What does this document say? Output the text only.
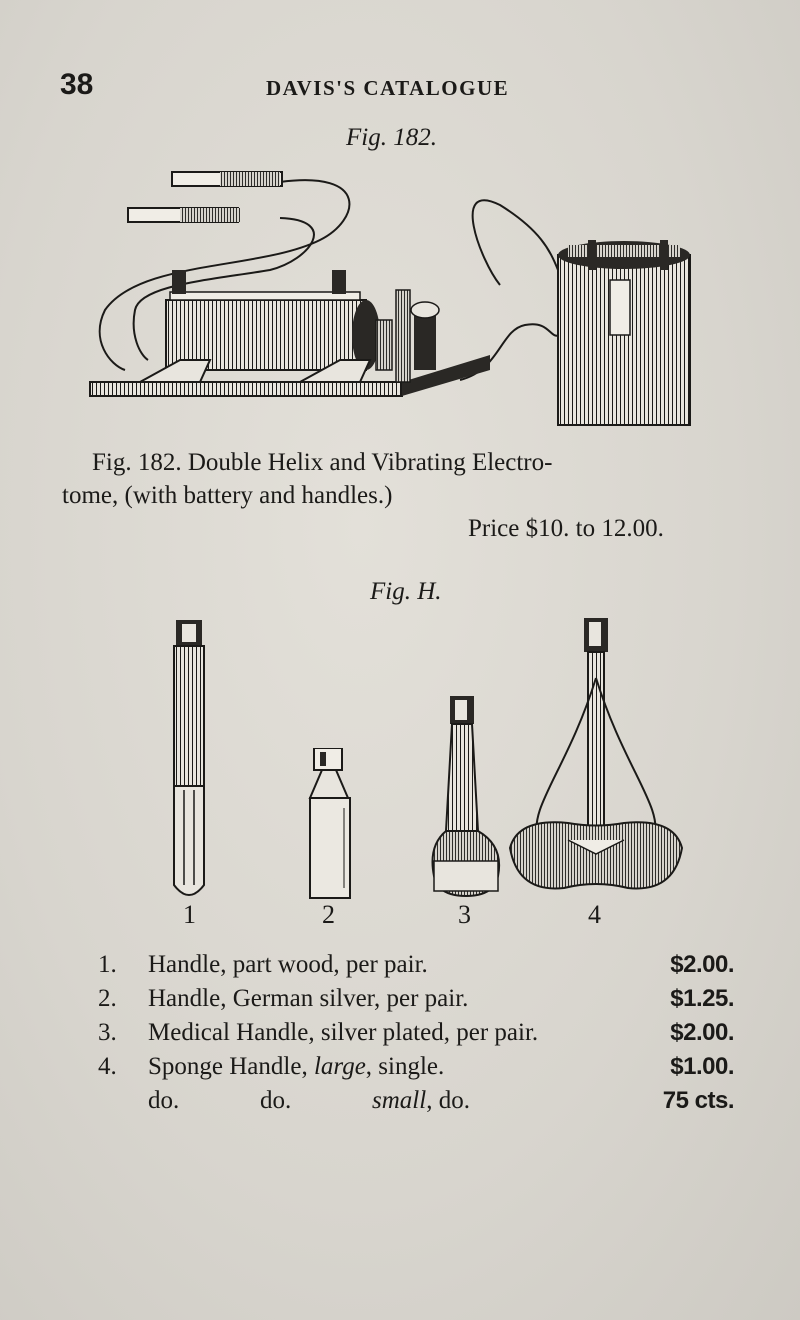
38	DAVIS'S CATALOGUE
Fig. 182.
Fig. 182. Double Helix and Vibrating Electro-
tome, (with battery and handles.)
Price $10. to 12.00.
Fig. H.
1	2	3	4
1. Handle, part wood, per pair.	$2.00.
2. Handle, German silver, per pair.	$1.25.
3. Medical Handle, silver plated, per pair.	$2.00.
4. Sponge Handle, large, single.	$1.00.
do.	do.	small, do.	75 cts.
